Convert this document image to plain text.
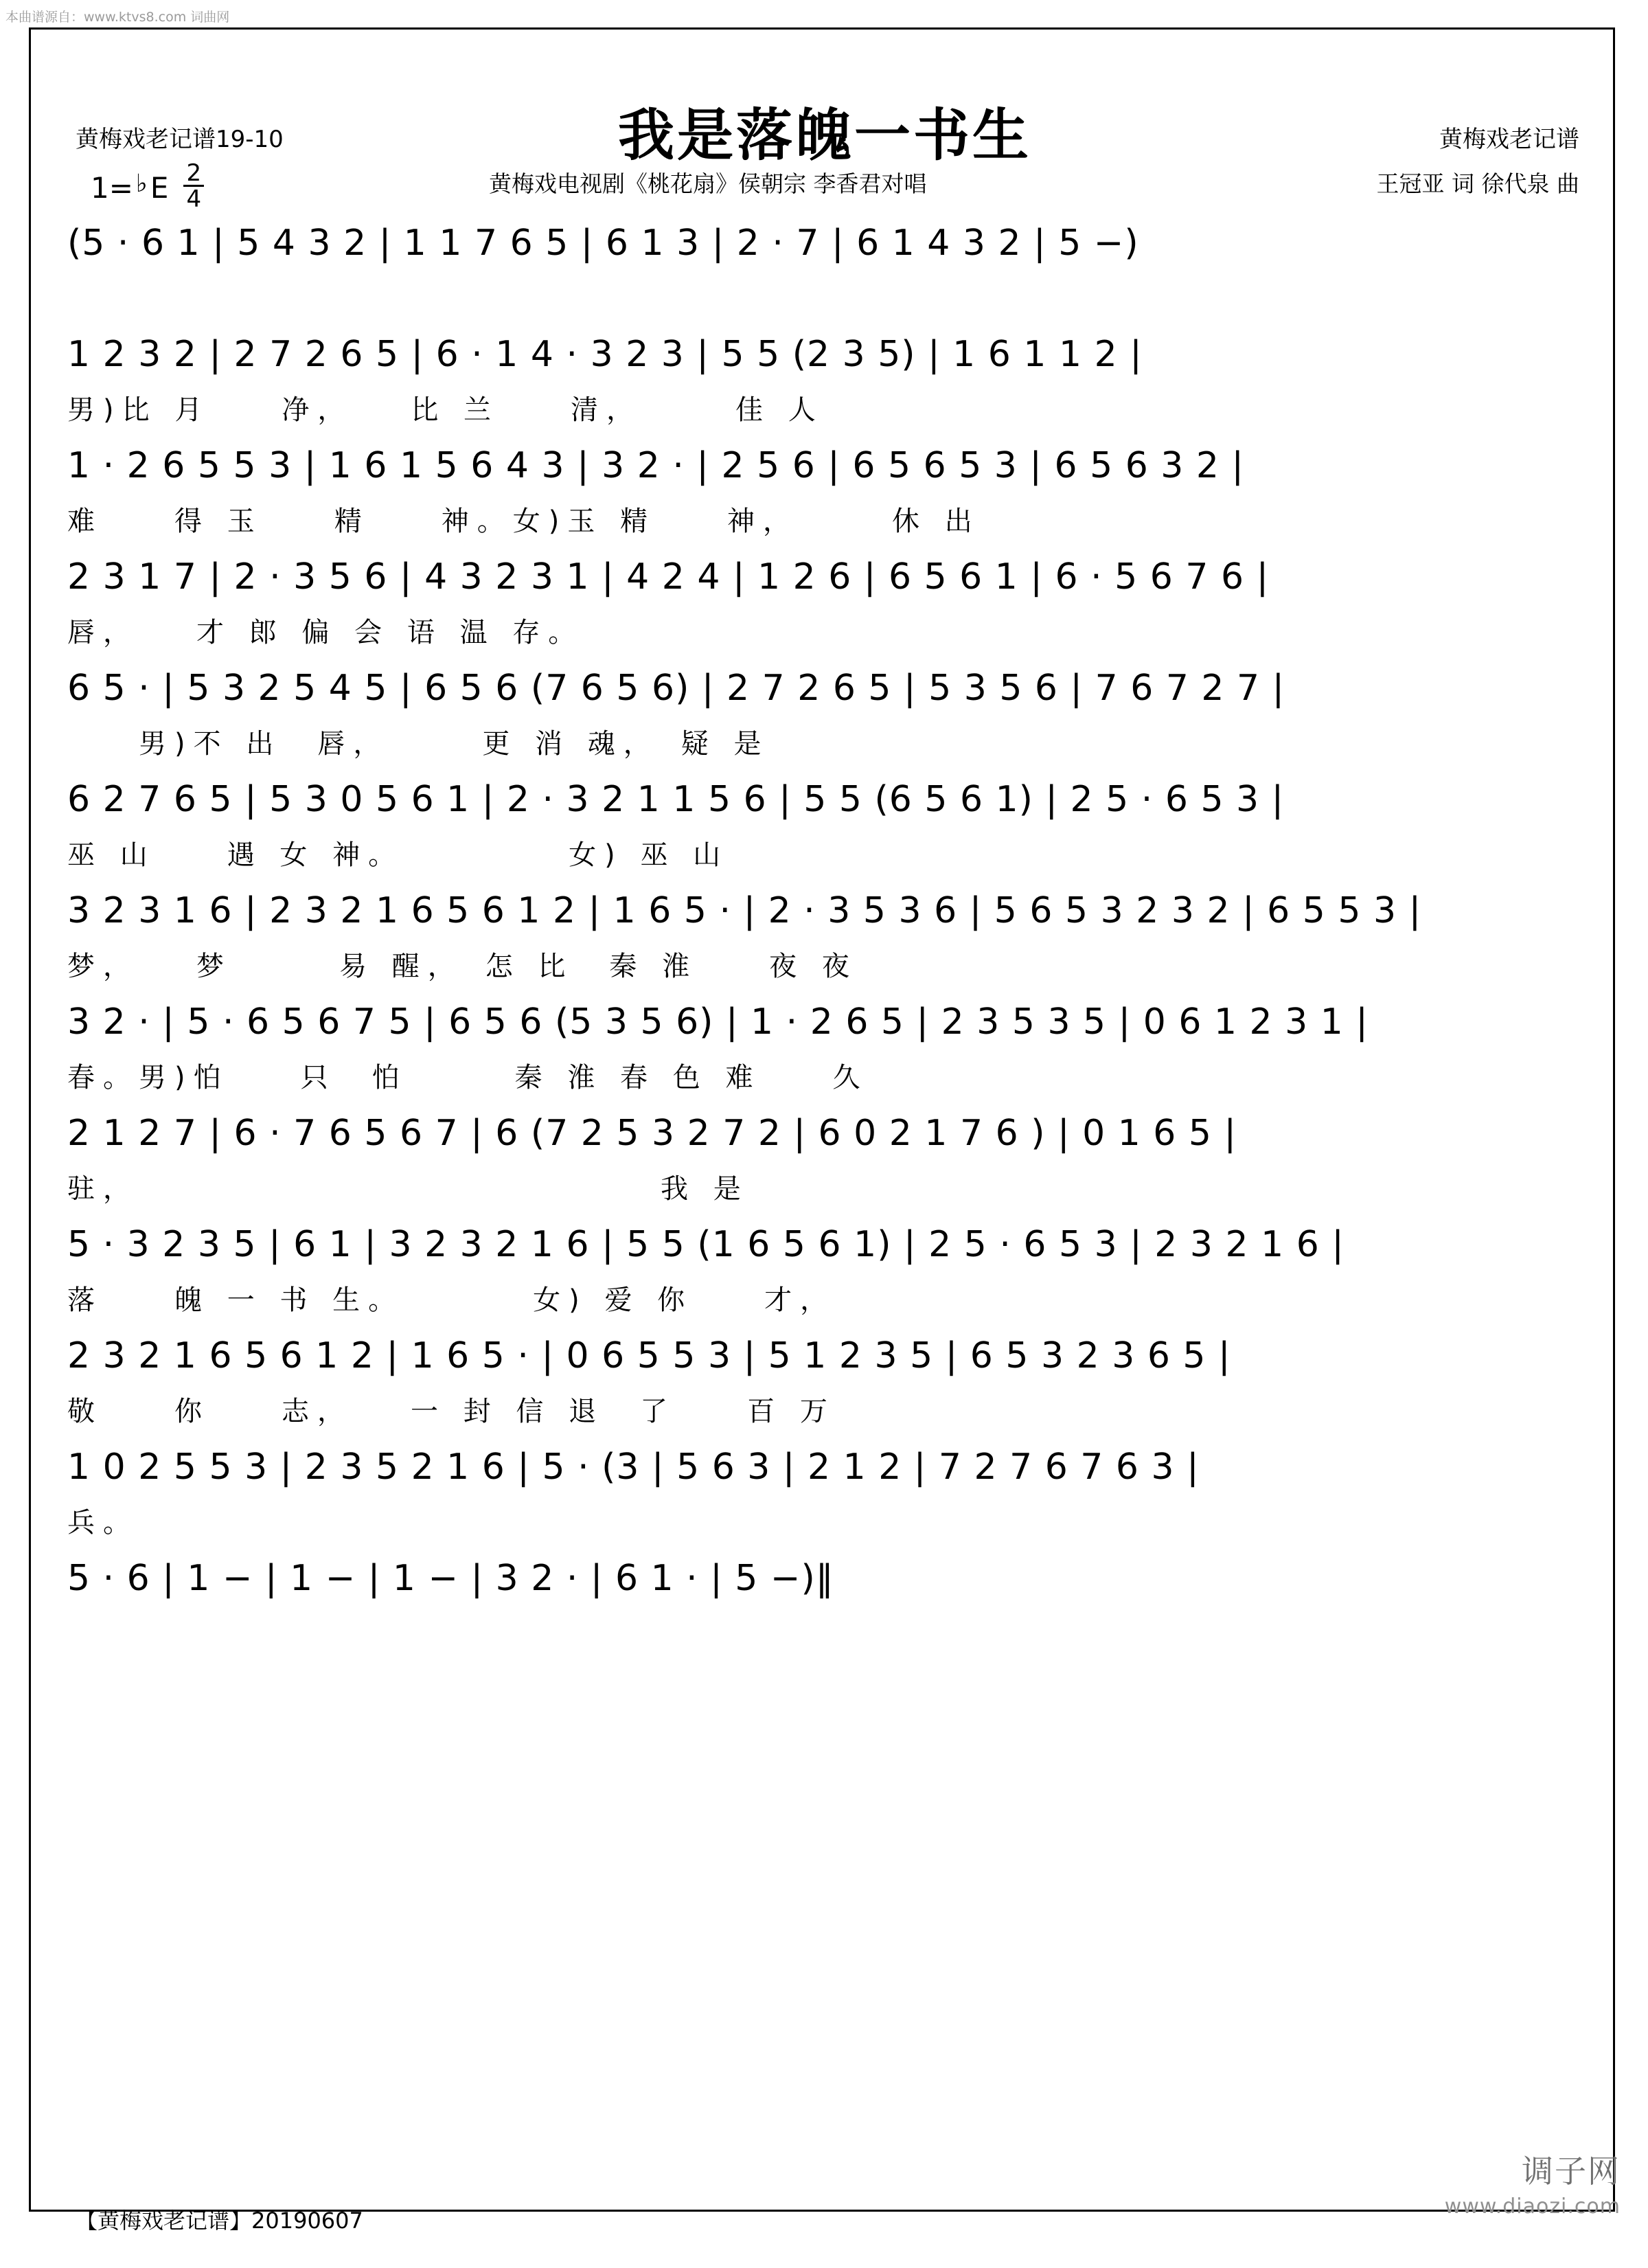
本曲谱源自：www.ktvs8.com 词曲网
黄梅戏老记谱19-10	我是落魄一书生	黄梅戏老记谱
黄梅戏电视剧《桃花扇》侯朝宗 李香君对唱	王冠亚 词 徐代泉 曲
1= ♭ E $\frac{2}{4}$
(5 · 6 1 | 5 4 3 2 | 1 1 7 6 5 | 6 1 3 | 2 · 7 | 6 1 4 3 2 | 5 −)
1 2 3 2 | 2 7 2 6 5 | 6 · 1 4 · 3 2 3 | 5 5 (2 3 5) | 1 6 1 1 2 |
男)比 月　　净，　　比 兰　　清，　　　佳 人
1 · 2 6 5 5 3 | 1 6 1 5 6 4 3 | 3 2 · | 2 5 6 | 6 5 6 5 3 | 6 5 6 3 2 |
难　　得 玉　　精　　神。女)玉 精　　神，　　　休 出
2 3 1 7 | 2 · 3 5 6 | 4 3 2 3 1 | 4 2 4 | 1 2 6 | 6 5 6 1 | 6 · 5 6 7 6 |
唇，　　才 郎 偏 会 语 温 存。
6 5 · | 5 3 2 5 4 5 | 6 5 6 (7 6 5 6) | 2 7 2 6 5 | 5 3 5 6 | 7 6 7 2 7 |
　　男)不 出　唇，　　　更 消 魂，　疑 是
6 2 7 6 5 | 5 3 0 5 6 1 | 2 · 3 2 1 1 5 6 | 5 5 (6 5 6 1) | 2 5 · 6 5 3 |
巫 山　　遇 女 神。　　　　　女) 巫 山
3 2 3 1 6 | 2 3 2 1 6 5 6 1 2 | 1 6 5 · | 2 · 3 5 3 6 | 5 6 5 3 2 3 2 | 6 5 5 3 |
梦，　　梦　　　易 醒，　怎 比　秦 淮　　夜 夜
3 2 · | 5 · 6 5 6 7 5 | 6 5 6 (5 3 5 6) | 1 · 2 6 5 | 2 3 5 3 5 | 0 6 1 2 3 1 |
春。男)怕　　只　怕　　　秦 淮 春 色 难　　久
2 1 2 7 | 6 · 7 6 5 6 7 | 6 (7 2 5 3 2 7 2 | 6 0 2 1 7 6 ) | 0 1 6 5 |
驻，　　　　　　　　　　　　　　　我 是
5 · 3 2 3 5 | 6 1 | 3 2 3 2 1 6 | 5 5 (1 6 5 6 1) | 2 5 · 6 5 3 | 2 3 2 1 6 |
落　　魄 一 书 生。　　　　女) 爱 你　　才，
2 3 2 1 6 5 6 1 2 | 1 6 5 · | 0 6 5 5 3 | 5 1 2 3 5 | 6 5 3 2 3 6 5 |
敬　　你　　志，　　一 封 信 退　了　　百 万
1 0 2 5 5 3 | 2 3 5 2 1 6 | 5 · (3 | 5 6 3 | 2 1 2 | 7 2 7 6 7 6 3 |
兵。
5 · 6 | 1 − | 1 − | 1 − | 3 2 · | 6 1 · | 5 −)‖
【黄梅戏老记谱】20190607
调子网
www.diaozi.com
